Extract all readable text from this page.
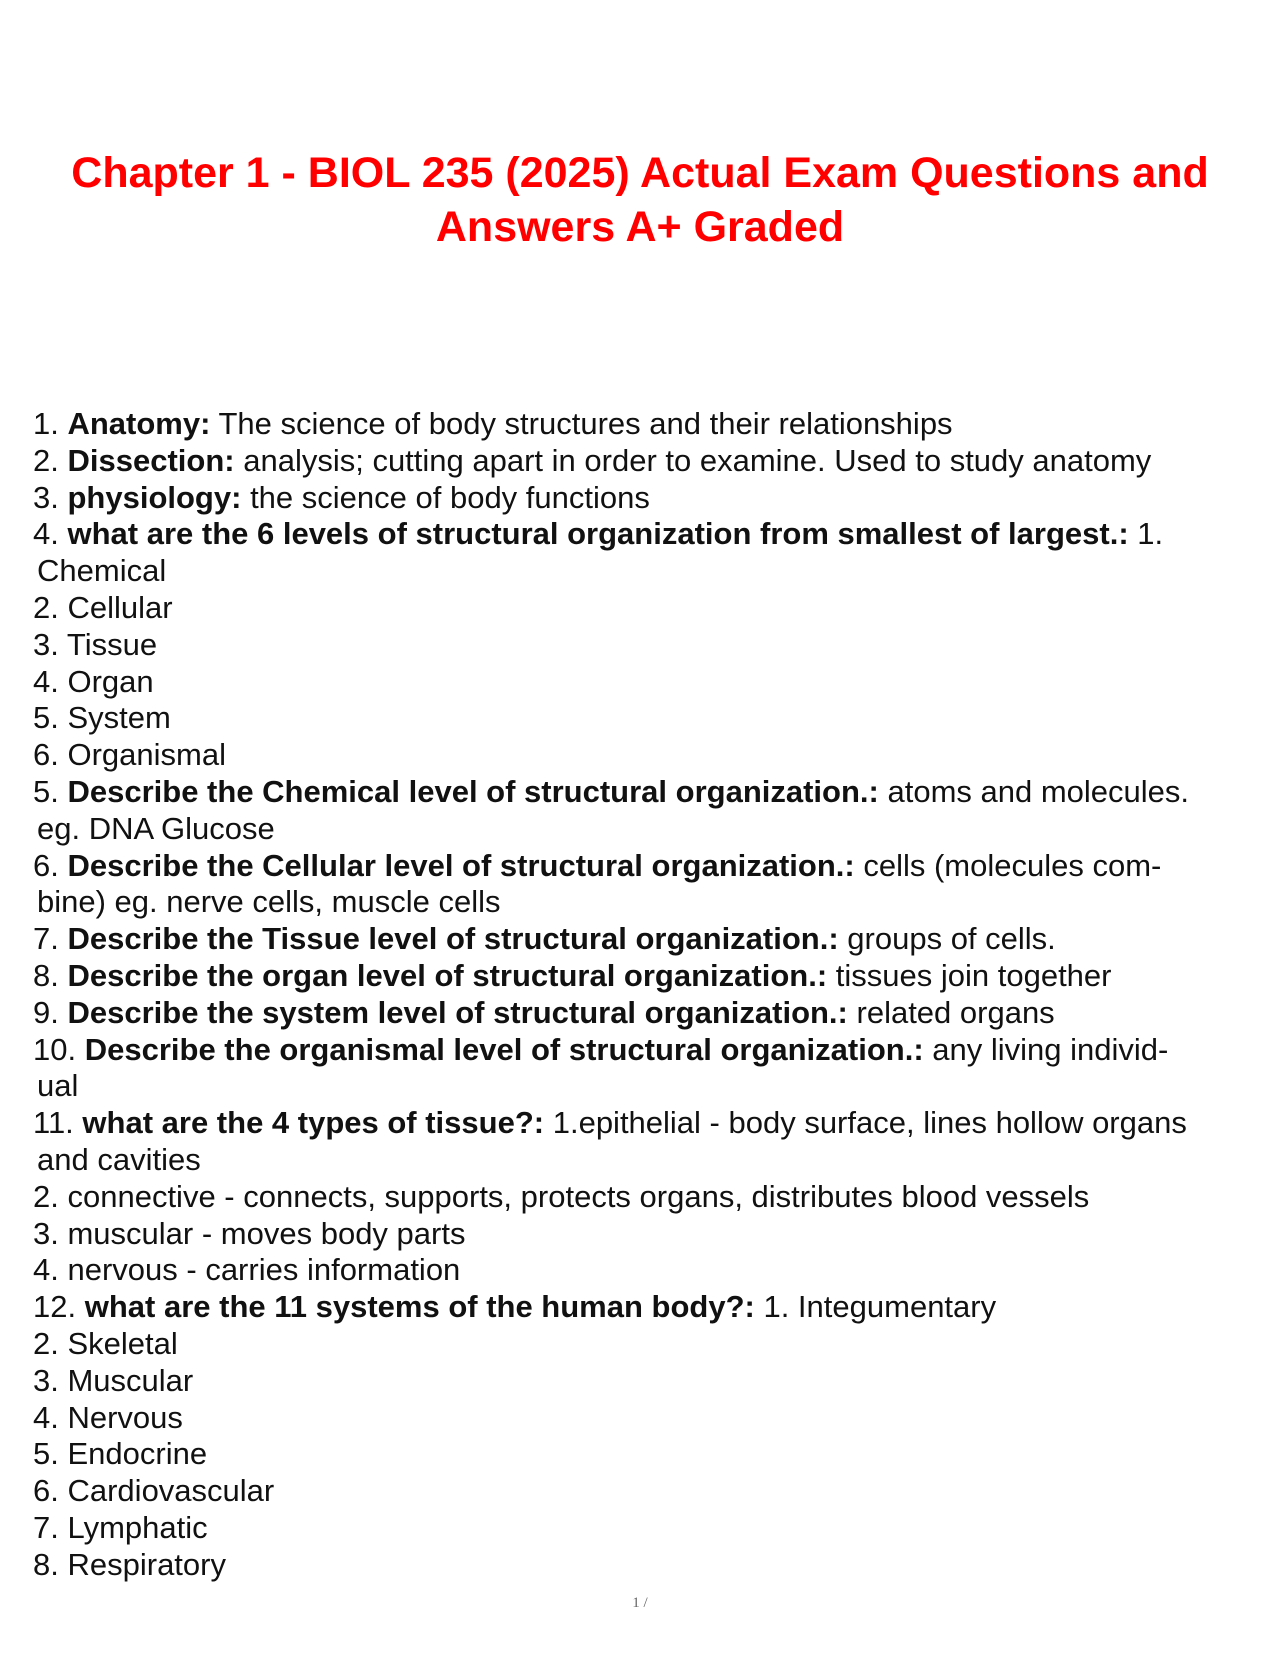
Chapter 1 - BIOL 235 (2025) Actual Exam Questions and
Answers A+ Graded
1. Anatomy: The science of body structures and their relationships
2. Dissection: analysis; cutting apart in order to examine. Used to study anatomy
3. physiology: the science of body functions
4. what are the 6 levels of structural organization from smallest of largest.: 1.
Chemical
2. Cellular
3. Tissue
4. Organ
5. System
6. Organismal
5. Describe the Chemical level of structural organization.: atoms and molecules.
eg. DNA Glucose
6. Describe the Cellular level of structural organization.: cells (molecules com-
bine) eg. nerve cells, muscle cells
7. Describe the Tissue level of structural organization.: groups of cells.
8. Describe the organ level of structural organization.: tissues join together
9. Describe the system level of structural organization.: related organs
10. Describe the organismal level of structural organization.: any living individ-
ual
11. what are the 4 types of tissue?: 1.epithelial - body surface, lines hollow organs
and cavities
2. connective - connects, supports, protects organs, distributes blood vessels
3. muscular - moves body parts
4. nervous - carries information
12. what are the 11 systems of the human body?: 1. Integumentary
2. Skeletal
3. Muscular
4. Nervous
5. Endocrine
6. Cardiovascular
7. Lymphatic
8. Respiratory
1 /
